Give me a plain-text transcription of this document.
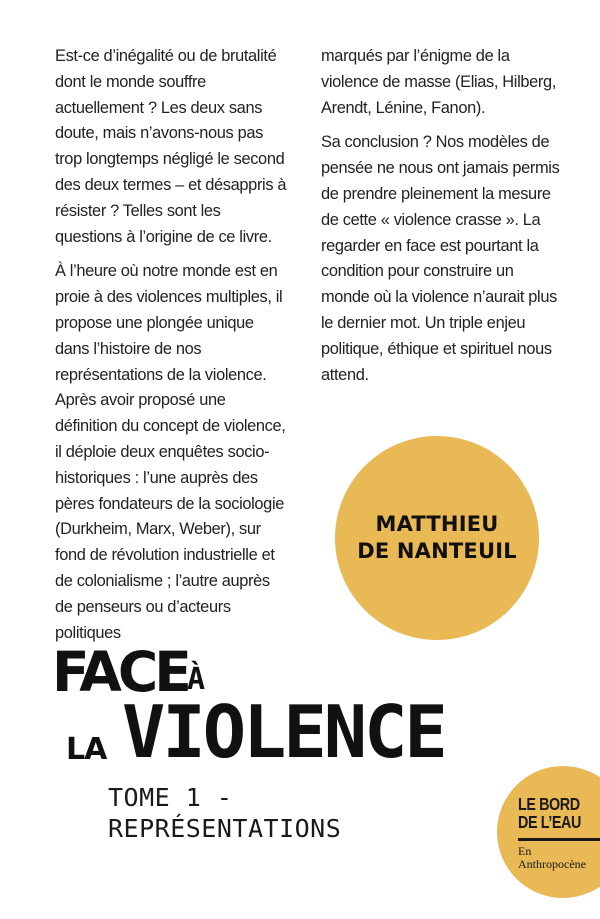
Est-ce d’inégalité ou de brutalité dont le monde souffre actuellement ? Les deux sans doute, mais n’avons-nous pas trop longtemps négligé le second des deux termes – et désappris à résister ? Telles sont les questions à l’origine de ce livre.

À l’heure où notre monde est en proie à des violences multiples, il propose une plongée unique dans l’histoire de nos représentations de la violence. Après avoir proposé une définition du concept de violence, il déploie deux enquêtes socio-historiques : l’une auprès des pères fondateurs de la sociologie (Durkheim, Marx, Weber), sur fond de révolution industrielle et de colonialisme ; l’autre auprès de penseurs ou d’acteurs politiques

marqués par l’énigme de la violence de masse (Elias, Hilberg, Arendt, Lénine, Fanon).

Sa conclusion ? Nos modèles de pensée ne nous ont jamais permis de prendre pleinement la mesure de cette « violence crasse ». La regarder en face est pourtant la condition pour construire un monde où la violence n’aurait plus le dernier mot. Un triple enjeu politique, éthique et spirituel nous attend.

MATTHIEU
DE NANTEUIL
FACE À
LA VIOLENCE
TOME 1 -
REPRÉSENTATIONS
LE BORD
DE L’EAU
En
Anthropocène
